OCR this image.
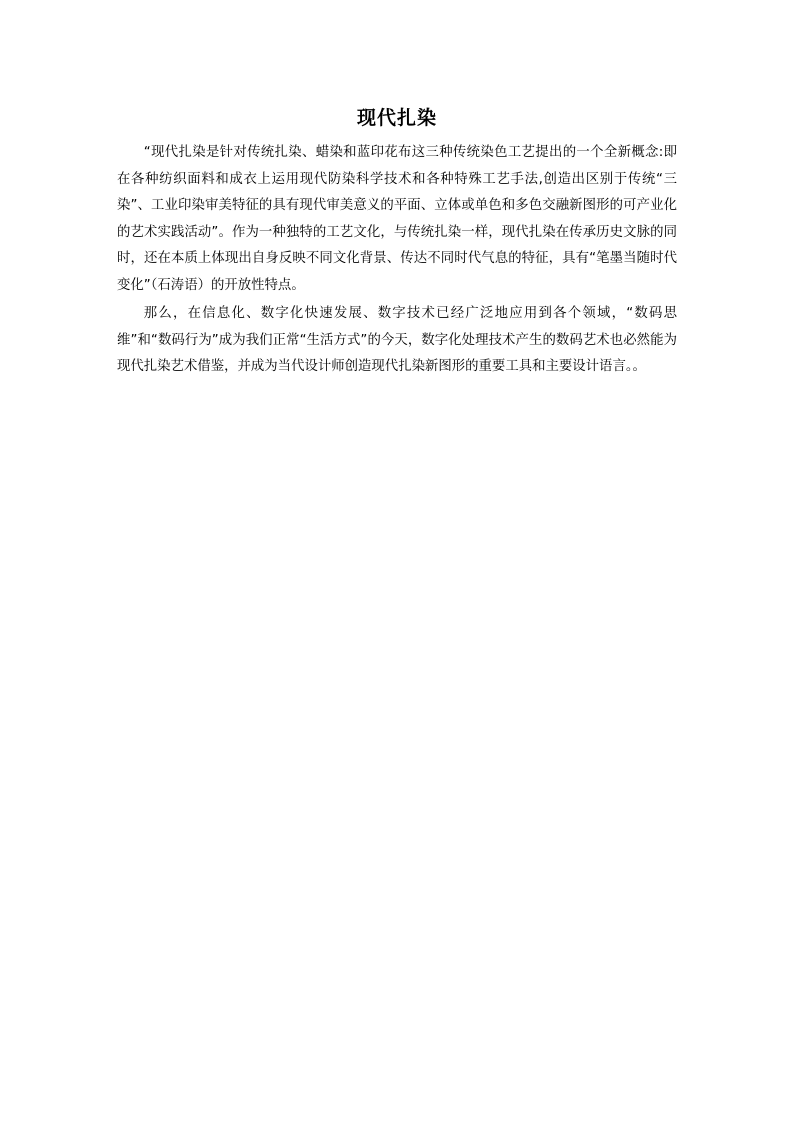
现代扎染

“现代扎染是针对传统扎染、蜡染和蓝印花布这三种传统染色工艺提出的一个全新概念:即在各种纺织面料和成衣上运用现代防染科学技术和各种特殊工艺手法,创造出区别于传统“三染”、工业印染审美特征的具有现代审美意义的平面、立体或单色和多色交融新图形的可产业化的艺术实践活动”。作为一种独特的工艺文化，与传统扎染一样，现代扎染在传承历史文脉的同时，还在本质上体现出自身反映不同文化背景、传达不同时代气息的特征，具有“笔墨当随时代变化”（石涛语）的开放性特点。

那么，在信息化、数字化快速发展、数字技术已经广泛地应用到各个领域，“数码思维”和“数码行为”成为我们正常“生活方式”的今天，数字化处理技术产生的数码艺术也必然能为现代扎染艺术借鉴，并成为当代设计师创造现代扎染新图形的重要工具和主要设计语言。。
